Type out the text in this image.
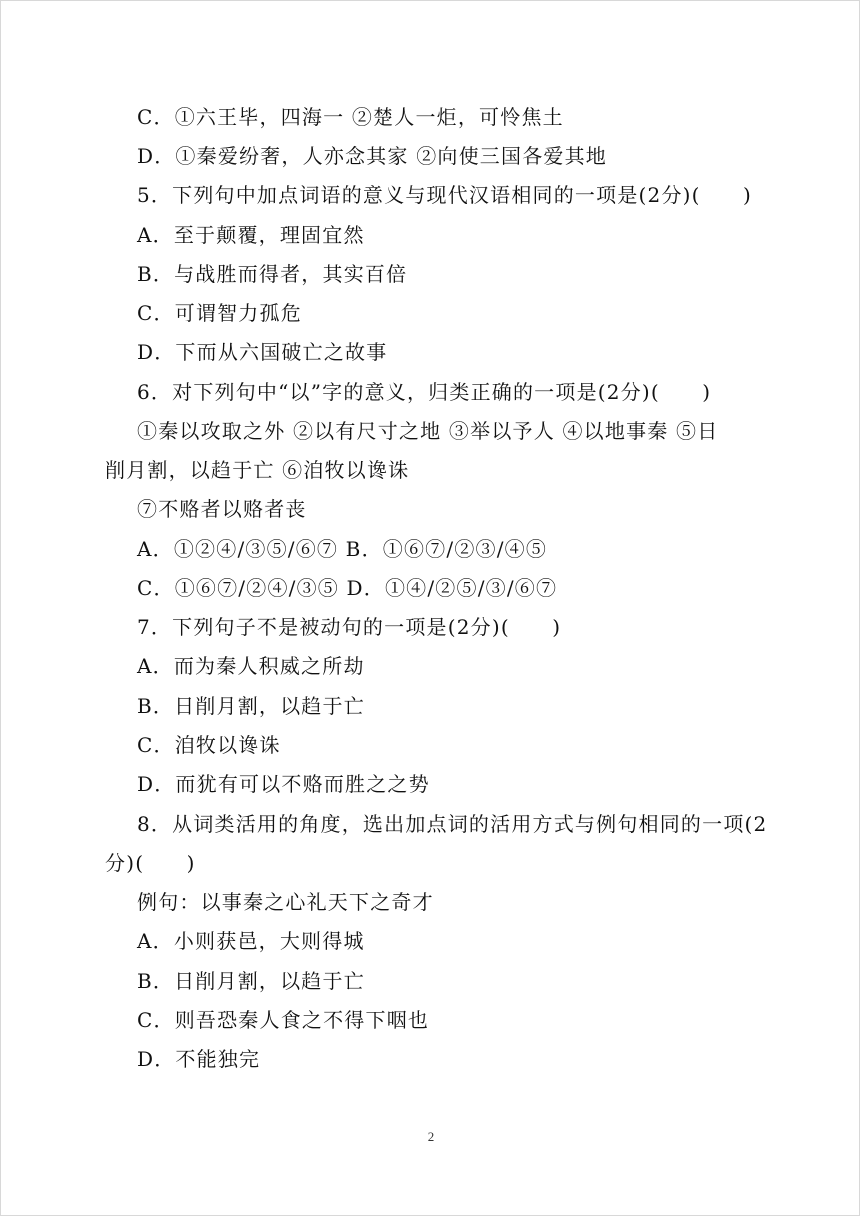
C．①六王毕，四海一 ②楚人一炬，可怜焦土
D．①秦爱纷奢，人亦念其家 ②向使三国各爱其地
5．下列句中加点词语的意义与现代汉语相同的一项是(2分)(　　)
A．至于颠覆，理固宜然
B．与战胜而得者，其实百倍
C．可谓智力孤危
D．下而从六国破亡之故事
6．对下列句中“以”字的意义，归类正确的一项是(2分)(　　)
①秦以攻取之外 ②以有尺寸之地 ③举以予人 ④以地事秦 ⑤日
削月割，以趋于亡 ⑥洎牧以谗诛
⑦不赂者以赂者丧
A．①②④/③⑤/⑥⑦ B．①⑥⑦/②③/④⑤
C．①⑥⑦/②④/③⑤ D．①④/②⑤/③/⑥⑦
7．下列句子不是被动句的一项是(2分)(　　)
A．而为秦人积威之所劫
B．日削月割，以趋于亡
C．洎牧以谗诛
D．而犹有可以不赂而胜之之势
8．从词类活用的角度，选出加点词的活用方式与例句相同的一项(2
分)(　　)
例句：以事秦之心礼天下之奇才
A．小则获邑，大则得城
B．日削月割，以趋于亡
C．则吾恐秦人食之不得下咽也
D．不能独完
2
